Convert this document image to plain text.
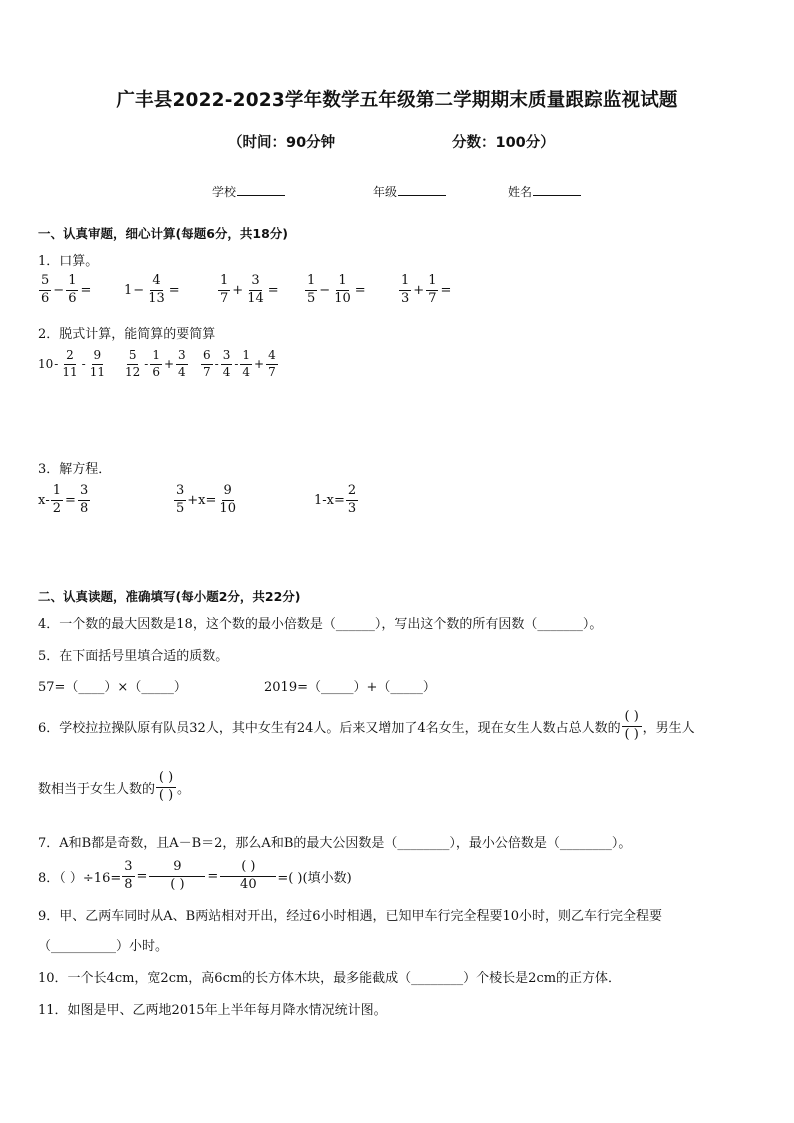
广丰县2022-2023学年数学五年级第二学期期末质量跟踪监视试题
（时间：90分钟	分数：100分）
学校	年级	姓名
一、认真审题，细心计算(每题6分，共18分)
1．口算。
$\frac{5}{6} - \frac{1}{6}$ =	$1 - \frac{4}{13}$ =	$\frac{1}{7} + \frac{3}{14} = \frac{1}{5} - \frac{1}{10}$ =	$\frac{1}{3} + \frac{1}{7}$ =
2．脱式计算，能简算的要简算
$10 - \frac{2}{11} - \frac{9}{11} \frac{5}{12} - \frac{1}{6} + \frac{3}{4} \frac{6}{7} - \frac{3}{4} - \frac{1}{4} + \frac{4}{7}$
3．解方程．
$x - \frac{1}{2} = \frac{3}{8}$	$\frac{3}{5} +x = \frac{9}{10}$	$1-x = \frac{2}{3}$
二、认真读题，准确填写(每小题2分，共22分)
4．一个数的最大因数是18，这个数的最小倍数是（______），写出这个数的所有因数（_______）。
5．在下面括号里填合适的质数。
57=（____）×（_____）	2019=（_____）+（_____）
6．学校拉拉操队原有队员32人，其中女生有24人。后来又增加了4名女生，现在女生人数占总人数的 $\frac{( )}{( )}$ ，男生人
数相当于女生人数的 $\frac{( )}{( )}$ 。
7．A和B都是奇数，且A－B＝2，那么A和B的最大公因数是（________），最小公倍数是（________）。
8．（ ）$\div 16= \frac{3}{8} = \frac{9}{( )} = \frac{( )}{40}$ =( )(填小数)
9．甲、乙两车同时从A、B两站相对开出，经过6小时相遇，已知甲车行完全程要10小时，则乙车行完全程要
（__________）小时。
10．一个长4cm，宽2cm，高6cm的长方体木块，最多能截成（________）个棱长是2cm的正方体．
11．如图是甲、乙两地2015年上半年每月降水情况统计图。
